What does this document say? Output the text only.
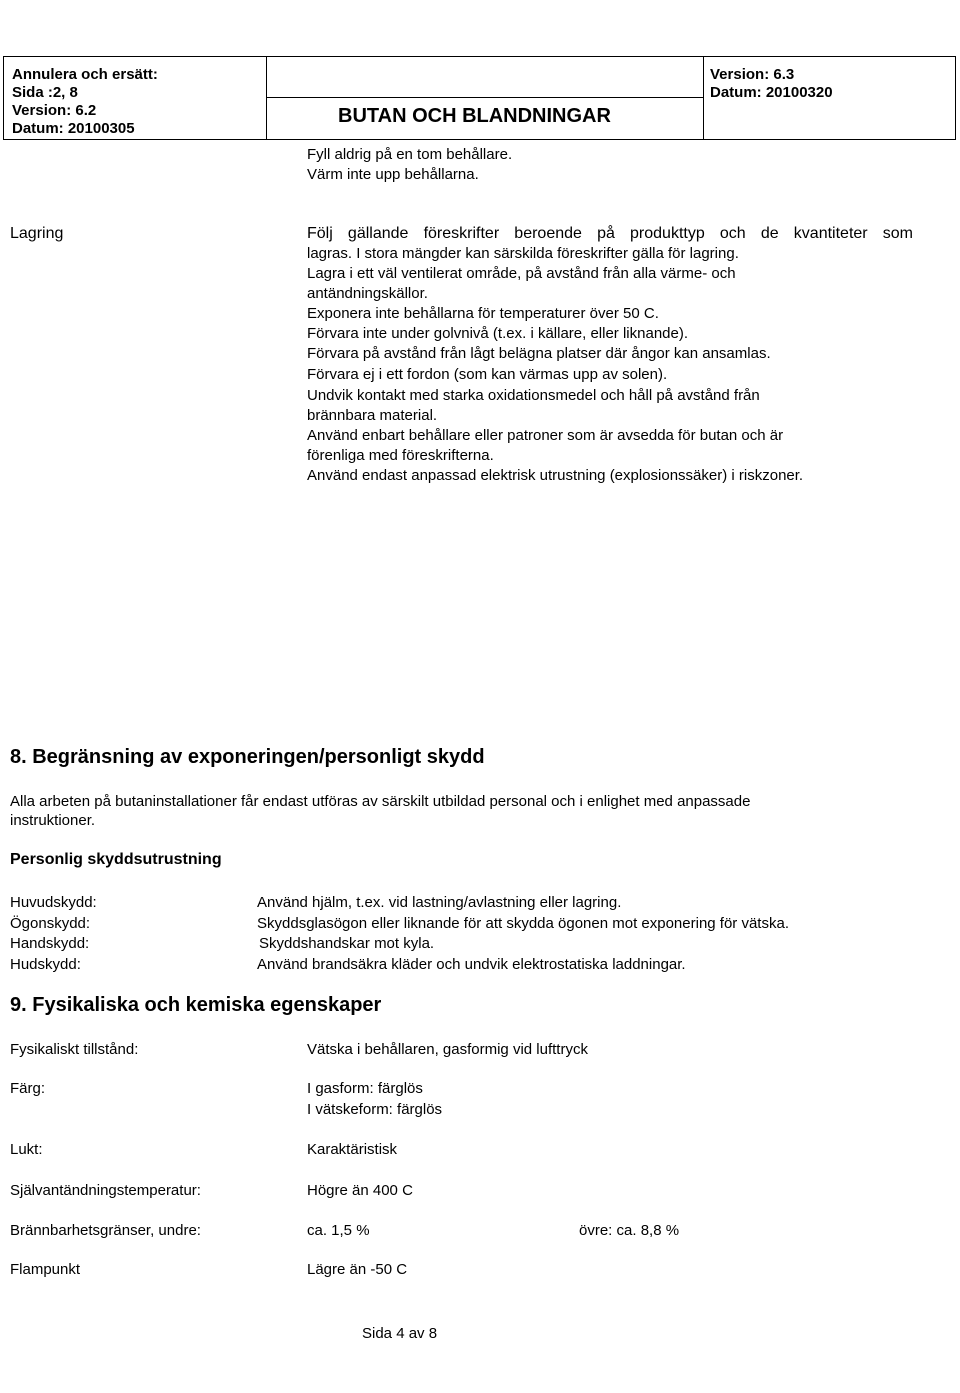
Annulera och ersätt:
Sida :2, 8
Version: 6.2
Datum: 20100305
BUTAN OCH BLANDNINGAR
Version: 6.3
Datum: 20100320
Fyll aldrig på en tom behållare.
Värm inte upp behållarna.
Lagring	Följ gällande föreskrifter beroende på produkttyp och de kvantiteter som
lagras. I stora mängder kan särskilda föreskrifter gälla för lagring.
Lagra i ett väl ventilerat område, på avstånd från alla värme- och
antändningskällor.
Exponera inte behållarna för temperaturer över 50 C.
Förvara inte under golvnivå (t.ex. i källare, eller liknande).
Förvara på avstånd från lågt belägna platser där ångor kan ansamlas.
Förvara ej i ett fordon (som kan värmas upp av solen).
Undvik kontakt med starka oxidationsmedel och håll på avstånd från
brännbara material.
Använd enbart behållare eller patroner som är avsedda för butan och är
förenliga med föreskrifterna.
Använd endast anpassad elektrisk utrustning (explosionssäker) i riskzoner.
8. Begränsning av exponeringen/personligt skydd
Alla arbeten på butaninstallationer får endast utföras av särskilt utbildad personal och i enlighet med anpassade
instruktioner.
Personlig skyddsutrustning
Huvudskydd:	Använd hjälm, t.ex. vid lastning/avlastning eller lagring.
Ögonskydd:	Skyddsglasögon eller liknande för att skydda ögonen mot exponering för vätska.
Handskydd:	Skyddshandskar mot kyla.
Hudskydd:	Använd brandsäkra kläder och undvik elektrostatiska laddningar.
9. Fysikaliska och kemiska egenskaper
Fysikaliskt tillstånd:	Vätska i behållaren, gasformig vid lufttryck
Färg:	I gasform: färglös
I vätskeform: färglös
Lukt:	Karaktäristisk
Självantändningstemperatur:	Högre än 400 C
Brännbarhetsgränser, undre:	ca. 1,5 %	övre: ca. 8,8 %
Flampunkt	Lägre än -50 C
Sida 4 av 8
